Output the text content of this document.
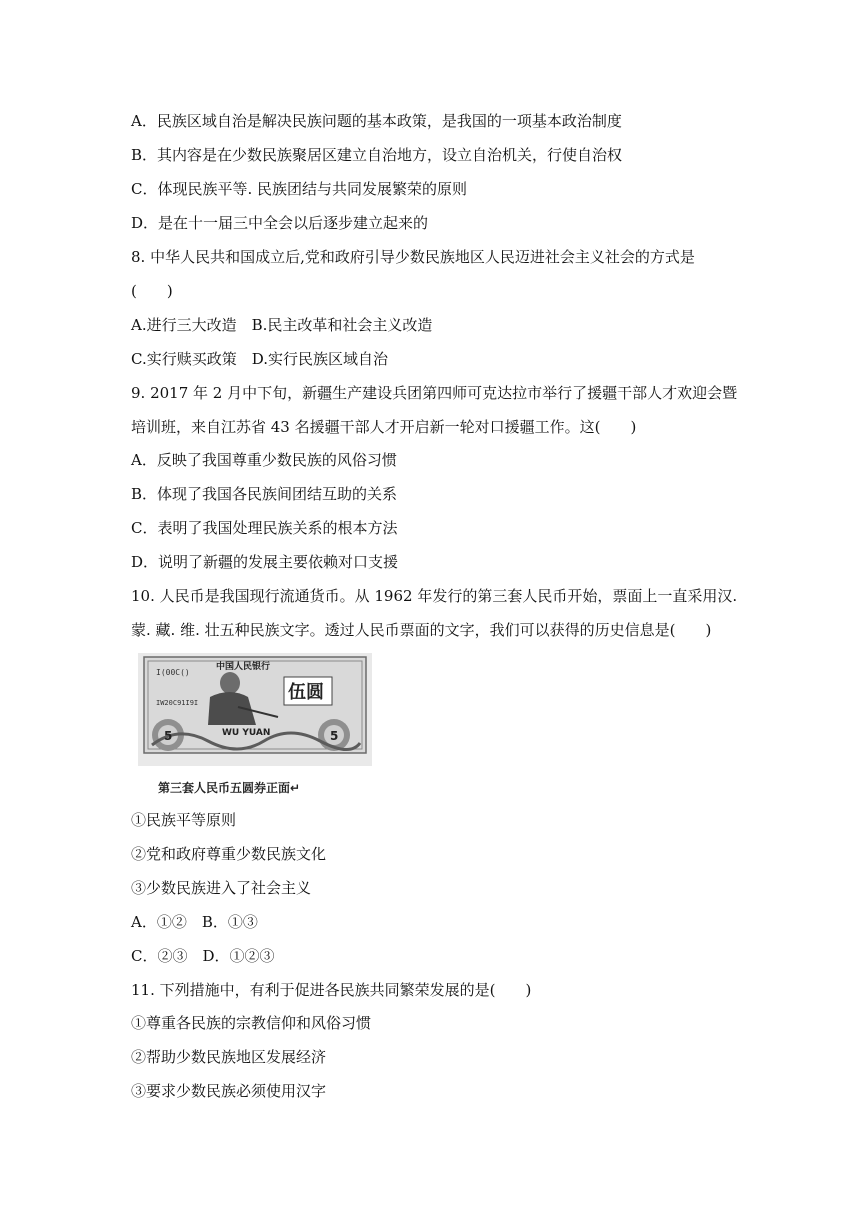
A．民族区域自治是解决民族问题的基本政策，是我国的一项基本政治制度
B．其内容是在少数民族聚居区建立自治地方，设立自治机关，行使自治权
C．体现民族平等. 民族团结与共同发展繁荣的原则
D．是在十一届三中全会以后逐步建立起来的
8. 中华人民共和国成立后,党和政府引导少数民族地区人民迈进社会主义社会的方式是
(　　)
A.进行三大改造　B.民主改革和社会主义改造
C.实行赎买政策　D.实行民族区域自治
9. 2017 年 2 月中下旬，新疆生产建设兵团第四师可克达拉市举行了援疆干部人才欢迎会暨
培训班，来自江苏省 43 名援疆干部人才开启新一轮对口援疆工作。这(　　)
A．反映了我国尊重少数民族的风俗习惯
B．体现了我国各民族间团结互助的关系
C．表明了我国处理民族关系的根本方法
D．说明了新疆的发展主要依赖对口支援
10. 人民币是我国现行流通货币。从 1962 年发行的第三套人民币开始，票面上一直采用汉.
蒙. 藏. 维. 壮五种民族文字。透过人民币票面的文字，我们可以获得的历史信息是(　　)
I(00C()
IW20C91I9I
中国人民银行
伍圆
WU YUAN
5	5
第三套人民币五圆券正面↵
①民族平等原则
②党和政府尊重少数民族文化
③少数民族进入了社会主义
A．①②　B．①③
C．②③　D．①②③
11. 下列措施中，有利于促进各民族共同繁荣发展的是(　　)
①尊重各民族的宗教信仰和风俗习惯
②帮助少数民族地区发展经济
③要求少数民族必须使用汉字
